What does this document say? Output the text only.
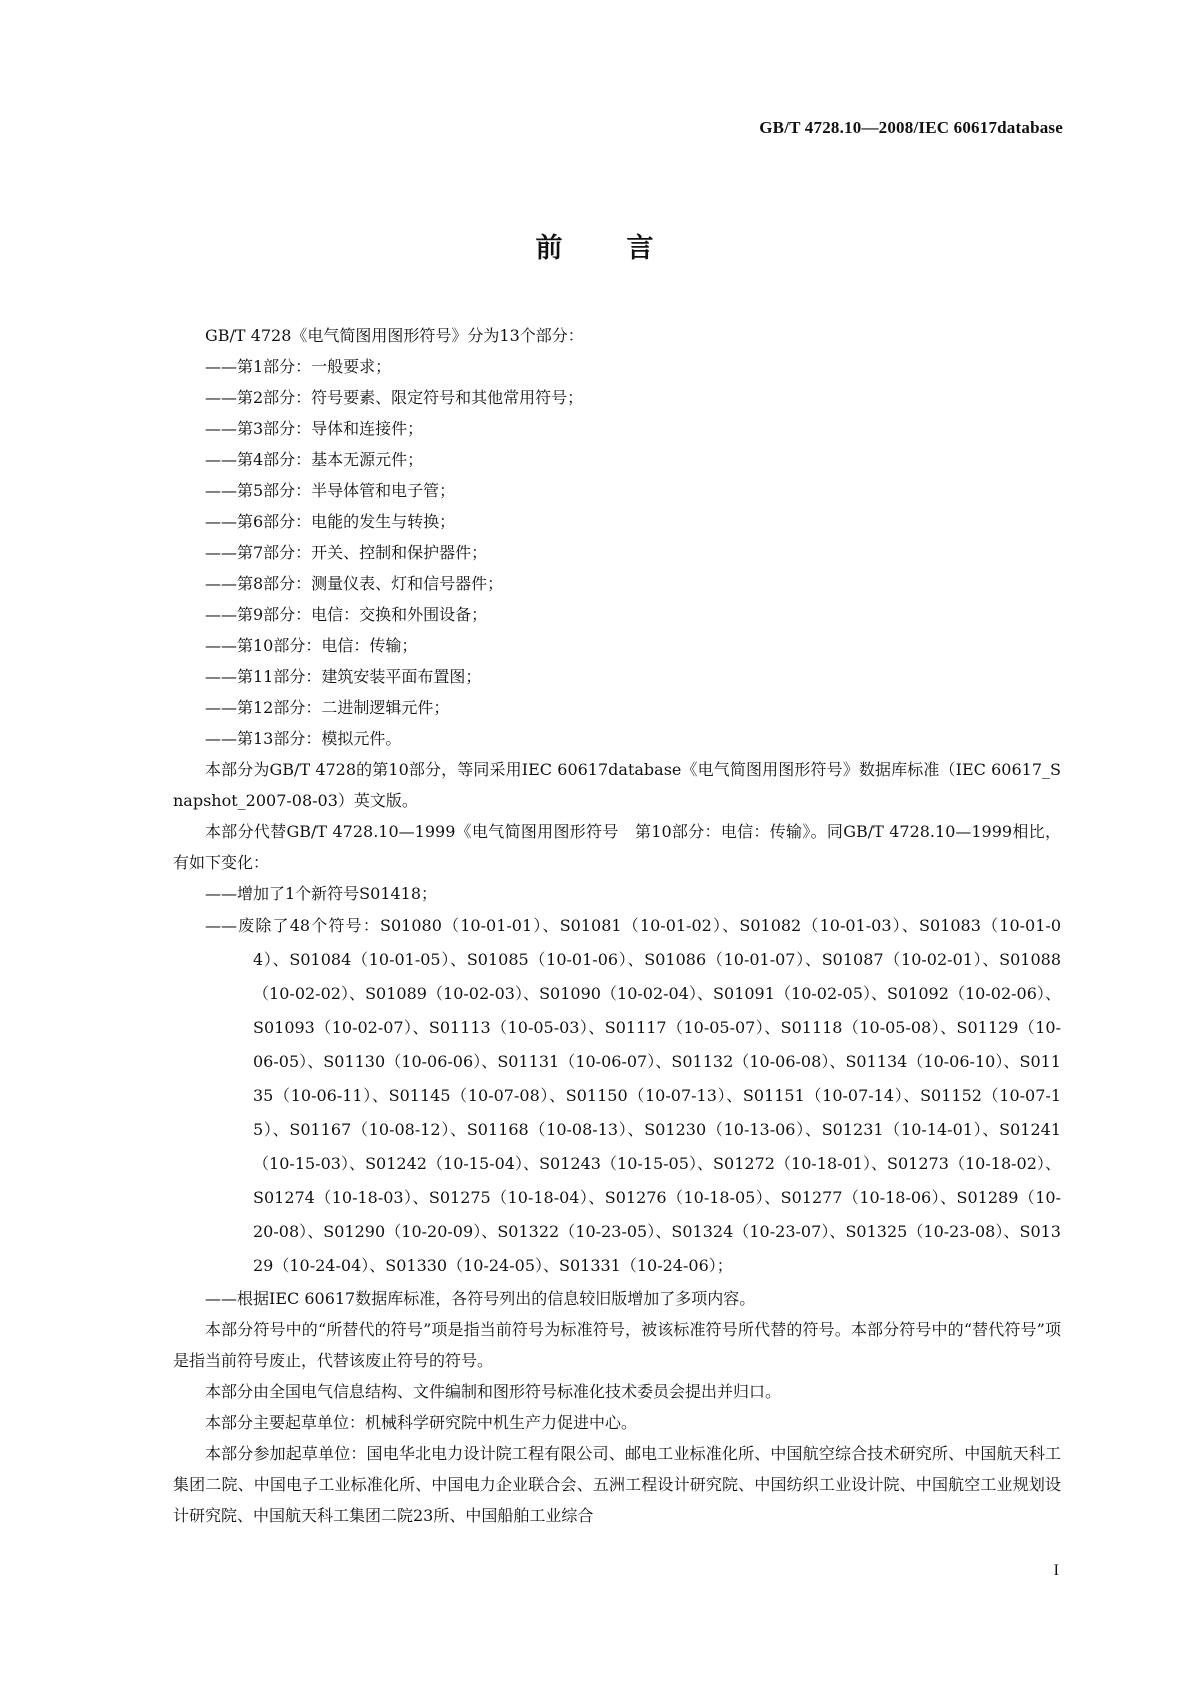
GB/T 4728.10—2008/IEC 60617database
前 言

GB/T 4728《电气简图用图形符号》分为13个部分：

——第1部分：一般要求；
——第2部分：符号要素、限定符号和其他常用符号；
——第3部分：导体和连接件；
——第4部分：基本无源元件；
——第5部分：半导体管和电子管；
——第6部分：电能的发生与转换；
——第7部分：开关、控制和保护器件；
——第8部分：测量仪表、灯和信号器件；
——第9部分：电信：交换和外围设备；
——第10部分：电信：传输；
——第11部分：建筑安装平面布置图；
——第12部分：二进制逻辑元件；
——第13部分：模拟元件。

本部分为GB/T 4728的第10部分，等同采用IEC 60617database《电气简图用图形符号》数据库标准（IEC 60617_Snapshot_2007-08-03）英文版。

本部分代替GB/T 4728.10—1999《电气简图用图形符号　第10部分：电信：传输》。同GB/T 4728.10—1999相比，有如下变化：

——增加了1个新符号S01418；
——废除了48个符号：S01080（10-01-01）、S01081（10-01-02）、S01082（10-01-03）、S01083（10-01-04）、S01084（10-01-05）、S01085（10-01-06）、S01086（10-01-07）、S01087（10-02-01）、S01088（10-02-02）、S01089（10-02-03）、S01090（10-02-04）、S01091（10-02-05）、S01092（10-02-06）、S01093（10-02-07）、S01113（10-05-03）、S01117（10-05-07）、S01118（10-05-08）、S01129（10-06-05）、S01130（10-06-06）、S01131（10-06-07）、S01132（10-06-08）、S01134（10-06-10）、S01135（10-06-11）、S01145（10-07-08）、S01150（10-07-13）、S01151（10-07-14）、S01152（10-07-15）、S01167（10-08-12）、S01168（10-08-13）、S01230（10-13-06）、S01231（10-14-01）、S01241（10-15-03）、S01242（10-15-04）、S01243（10-15-05）、S01272（10-18-01）、S01273（10-18-02）、S01274（10-18-03）、S01275（10-18-04）、S01276（10-18-05）、S01277（10-18-06）、S01289（10-20-08）、S01290（10-20-09）、S01322（10-23-05）、S01324（10-23-07）、S01325（10-23-08）、S01329（10-24-04）、S01330（10-24-05）、S01331（10-24-06）；
——根据IEC 60617数据库标准，各符号列出的信息较旧版增加了多项内容。

本部分符号中的“所替代的符号”项是指当前符号为标准符号，被该标准符号所代替的符号。本部分符号中的“替代符号”项是指当前符号废止，代替该废止符号的符号。

本部分由全国电气信息结构、文件编制和图形符号标准化技术委员会提出并归口。

本部分主要起草单位：机械科学研究院中机生产力促进中心。

本部分参加起草单位：国电华北电力设计院工程有限公司、邮电工业标准化所、中国航空综合技术研究所、中国航天科工集团二院、中国电子工业标准化所、中国电力企业联合会、五洲工程设计研究院、中国纺织工业设计院、中国航空工业规划设计研究院、中国航天科工集团二院23所、中国船舶工业综合

I
